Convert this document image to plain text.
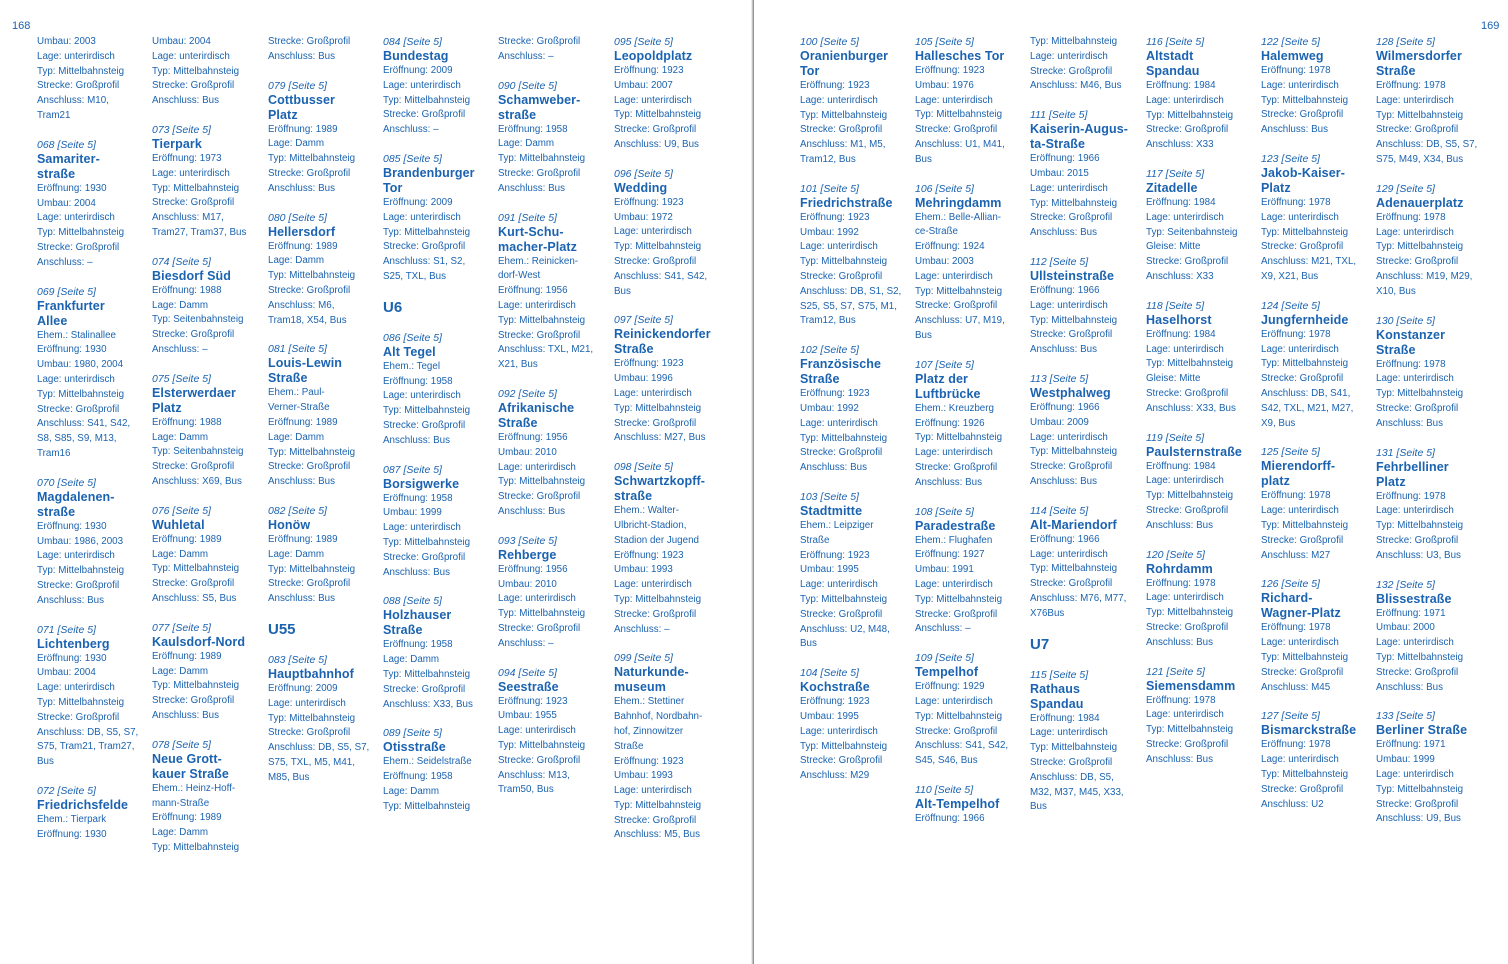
168
Umbau: 2003
Lage: unterirdisch
Typ: Mittelbahnsteig
Strecke: Großprofil
Anschluss: M10,
Tram21
068 [Seite 5]
Samariter-
straße
Eröffnung: 1930
Umbau: 2004
Lage: unterirdisch
Typ: Mittelbahnsteig
Strecke: Großprofil
Anschluss: –
069 [Seite 5]
Frankfurter
Allee
Ehem.: Stalinallee
Eröffnung: 1930
Umbau: 1980, 2004
Lage: unterirdisch
Typ: Mittelbahnsteig
Strecke: Großprofil
Anschluss: S41, S42,
S8, S85, S9, M13,
Tram16
070 [Seite 5]
Magdalenen-
straße
Eröffnung: 1930
Umbau: 1986, 2003
Lage: unterirdisch
Typ: Mittelbahnsteig
Strecke: Großprofil
Anschluss: Bus
071 [Seite 5]
Lichtenberg
Eröffnung: 1930
Umbau: 2004
Lage: unterirdisch
Typ: Mittelbahnsteig
Strecke: Großprofil
Anschluss: DB, S5, S7,
S75, Tram21, Tram27,
Bus
072 [Seite 5]
Friedrichsfelde
Ehem.: Tierpark
Eröffnung: 1930
Umbau: 2004
Lage: unterirdisch
Typ: Mittelbahnsteig
Strecke: Großprofil
Anschluss: Bus
073 [Seite 5]
Tierpark
Eröffnung: 1973
Lage: unterirdisch
Typ: Mittelbahnsteig
Strecke: Großprofil
Anschluss: M17,
Tram27, Tram37, Bus
074 [Seite 5]
Biesdorf Süd
Eröffnung: 1988
Lage: Damm
Typ: Seitenbahnsteig
Strecke: Großprofil
Anschluss: –
075 [Seite 5]
Elsterwerdaer
Platz
Eröffnung: 1988
Lage: Damm
Typ: Seitenbahnsteig
Strecke: Großprofil
Anschluss: X69, Bus
076 [Seite 5]
Wuhletal
Eröffnung: 1989
Lage: Damm
Typ: Mittelbahnsteig
Strecke: Großprofil
Anschluss: S5, Bus
077 [Seite 5]
Kaulsdorf-Nord
Eröffnung: 1989
Lage: Damm
Typ: Mittelbahnsteig
Strecke: Großprofil
Anschluss: Bus
078 [Seite 5]
Neue Grott-
kauer Straße
Ehem.: Heinz-Hoff-
mann-Straße
Eröffnung: 1989
Lage: Damm
Typ: Mittelbahnsteig
Strecke: Großprofil
Anschluss: Bus
079 [Seite 5]
Cottbusser
Platz
Eröffnung: 1989
Lage: Damm
Typ: Mittelbahnsteig
Strecke: Großprofil
Anschluss: Bus
080 [Seite 5]
Hellersdorf
Eröffnung: 1989
Lage: Damm
Typ: Mittelbahnsteig
Strecke: Großprofil
Anschluss: M6,
Tram18, X54, Bus
081 [Seite 5]
Louis-Lewin
Straße
Ehem.: Paul-
Verner-Straße
Eröffnung: 1989
Lage: Damm
Typ: Mittelbahnsteig
Strecke: Großprofil
Anschluss: Bus
082 [Seite 5]
Honöw
Eröffnung: 1989
Lage: Damm
Typ: Mittelbahnsteig
Strecke: Großprofil
Anschluss: Bus
U55
083 [Seite 5]
Hauptbahnhof
Eröffnung: 2009
Lage: unterirdisch
Typ: Mittelbahnsteig
Strecke: Großprofil
Anschluss: DB, S5, S7,
S75, TXL, M5, M41,
M85, Bus
084 [Seite 5]
Bundestag
Eröffnung: 2009
Lage: unterirdisch
Typ: Mittelbahnsteig
Strecke: Großprofil
Anschluss: –
085 [Seite 5]
Brandenburger
Tor
Eröffnung: 2009
Lage: unterirdisch
Typ: Mittelbahnsteig
Strecke: Großprofil
Anschluss: S1, S2,
S25, TXL, Bus
U6
086 [Seite 5]
Alt Tegel
Ehem.: Tegel
Eröffnung: 1958
Lage: unterirdisch
Typ: Mittelbahnsteig
Strecke: Großprofil
Anschluss: Bus
087 [Seite 5]
Borsigwerke
Eröffnung: 1958
Umbau: 1999
Lage: unterirdisch
Typ: Mittelbahnsteig
Strecke: Großprofil
Anschluss: Bus
088 [Seite 5]
Holzhauser
Straße
Eröffnung: 1958
Lage: Damm
Typ: Mittelbahnsteig
Strecke: Großprofil
Anschluss: X33, Bus
089 [Seite 5]
Otisstraße
Ehem.: Seidelstraße
Eröffnung: 1958
Lage: Damm
Typ: Mittelbahnsteig
Strecke: Großprofil
Anschluss: –
090 [Seite 5]
Schamweber-
straße
Eröffnung: 1958
Lage: Damm
Typ: Mittelbahnsteig
Strecke: Großprofil
Anschluss: Bus
091 [Seite 5]
Kurt-Schu-
macher-Platz
Ehem.: Reinicken-
dorf-West
Eröffnung: 1956
Lage: unterirdisch
Typ: Mittelbahnsteig
Strecke: Großprofil
Anschluss: TXL, M21,
X21, Bus
092 [Seite 5]
Afrikanische
Straße
Eröffnung: 1956
Umbau: 2010
Lage: unterirdisch
Typ: Mittelbahnsteig
Strecke: Großprofil
Anschluss: Bus
093 [Seite 5]
Rehberge
Eröffnung: 1956
Umbau: 2010
Lage: unterirdisch
Typ: Mittelbahnsteig
Strecke: Großprofil
Anschluss: –
094 [Seite 5]
Seestraße
Eröffnung: 1923
Umbau: 1955
Lage: unterirdisch
Typ: Mittelbahnsteig
Strecke: Großprofil
Anschluss: M13,
Tram50, Bus
095 [Seite 5]
Leopoldplatz
Eröffnung: 1923
Umbau: 2007
Lage: unterirdisch
Typ: Mittelbahnsteig
Strecke: Großprofil
Anschluss: U9, Bus
096 [Seite 5]
Wedding
Eröffnung: 1923
Umbau: 1972
Lage: unterirdisch
Typ: Mittelbahnsteig
Strecke: Großprofil
Anschluss: S41, S42,
Bus
097 [Seite 5]
Reinickendorfer
Straße
Eröffnung: 1923
Umbau: 1996
Lage: unterirdisch
Typ: Mittelbahnsteig
Strecke: Großprofil
Anschluss: M27, Bus
098 [Seite 5]
Schwartzkopff-
straße
Ehem.: Walter-
Ulbricht-Stadion,
Stadion der Jugend
Eröffnung: 1923
Umbau: 1993
Lage: unterirdisch
Typ: Mittelbahnsteig
Strecke: Großprofil
Anschluss: –
099 [Seite 5]
Naturkunde-
museum
Ehem.: Stettiner
Bahnhof, Nordbahn-
hof, Zinnowitzer
Straße
Eröffnung: 1923
Umbau: 1993
Lage: unterirdisch
Typ: Mittelbahnsteig
Strecke: Großprofil
Anschluss: M5, Bus
169
100 [Seite 5]
Oranienburger
Tor
Eröffnung: 1923
Lage: unterirdisch
Typ: Mittelbahnsteig
Strecke: Großprofil
Anschluss: M1, M5,
Tram12, Bus
101 [Seite 5]
Friedrichstraße
Eröffnung: 1923
Umbau: 1992
Lage: unterirdisch
Typ: Mittelbahnsteig
Strecke: Großprofil
Anschluss: DB, S1, S2,
S25, S5, S7, S75, M1,
Tram12, Bus
102 [Seite 5]
Französische
Straße
Eröffnung: 1923
Umbau: 1992
Lage: unterirdisch
Typ: Mittelbahnsteig
Strecke: Großprofil
Anschluss: Bus
103 [Seite 5]
Stadtmitte
Ehem.: Leipziger
Straße
Eröffnung: 1923
Umbau: 1995
Lage: unterirdisch
Typ: Mittelbahnsteig
Strecke: Großprofil
Anschluss: U2, M48,
Bus
104 [Seite 5]
Kochstraße
Eröffnung: 1923
Umbau: 1995
Lage: unterirdisch
Typ: Mittelbahnsteig
Strecke: Großprofil
Anschluss: M29
105 [Seite 5]
Hallesches Tor
Eröffnung: 1923
Umbau: 1976
Lage: unterirdisch
Typ: Mittelbahnsteig
Strecke: Großprofil
Anschluss: U1, M41,
Bus
106 [Seite 5]
Mehringdamm
Ehem.: Belle-Allian-
ce-Straße
Eröffnung: 1924
Umbau: 2003
Lage: unterirdisch
Typ: Mittelbahnsteig
Strecke: Großprofil
Anschluss: U7, M19,
Bus
107 [Seite 5]
Platz der
Luftbrücke
Ehem.: Kreuzberg
Eröffnung: 1926
Typ: Mittelbahnsteig
Lage: unterirdisch
Strecke: Großprofil
Anschluss: Bus
108 [Seite 5]
Paradestraße
Ehem.: Flughafen
Eröffnung: 1927
Umbau: 1991
Lage: unterirdisch
Typ: Mittelbahnsteig
Strecke: Großprofil
Anschluss: –
109 [Seite 5]
Tempelhof
Eröffnung: 1929
Lage: unterirdisch
Typ: Mittelbahnsteig
Strecke: Großprofil
Anschluss: S41, S42,
S45, S46, Bus
110 [Seite 5]
Alt-Tempelhof
Eröffnung: 1966
Typ: Mittelbahnsteig
Lage: unterirdisch
Strecke: Großprofil
Anschluss: M46, Bus
111 [Seite 5]
Kaiserin-Augus-
ta-Straße
Eröffnung: 1966
Umbau: 2015
Lage: unterirdisch
Typ: Mittelbahnsteig
Strecke: Großprofil
Anschluss: Bus
112 [Seite 5]
Ullsteinstraße
Eröffnung: 1966
Lage: unterirdisch
Typ: Mittelbahnsteig
Strecke: Großprofil
Anschluss: Bus
113 [Seite 5]
Westphalweg
Eröffnung: 1966
Umbau: 2009
Lage: unterirdisch
Typ: Mittelbahnsteig
Strecke: Großprofil
Anschluss: Bus
114 [Seite 5]
Alt-Mariendorf
Eröffnung: 1966
Lage: unterirdisch
Typ: Mittelbahnsteig
Strecke: Großprofil
Anschluss: M76, M77,
X76Bus
U7
115 [Seite 5]
Rathaus
Spandau
Eröffnung: 1984
Lage: unterirdisch
Typ: Mittelbahnsteig
Strecke: Großprofil
Anschluss: DB, S5,
M32, M37, M45, X33,
Bus
116 [Seite 5]
Altstadt
Spandau
Eröffnung: 1984
Lage: unterirdisch
Typ: Mittelbahnsteig
Strecke: Großprofil
Anschluss: X33
117 [Seite 5]
Zitadelle
Eröffnung: 1984
Lage: unterirdisch
Typ: Seitenbahnsteig
Gleise: Mitte
Strecke: Großprofil
Anschluss: X33
118 [Seite 5]
Haselhorst
Eröffnung: 1984
Lage: unterirdisch
Typ: Mittelbahnsteig
Gleise: Mitte
Strecke: Großprofil
Anschluss: X33, Bus
119 [Seite 5]
Paulsternstraße
Eröffnung: 1984
Lage: unterirdisch
Typ: Mittelbahnsteig
Strecke: Großprofil
Anschluss: Bus
120 [Seite 5]
Rohrdamm
Eröffnung: 1978
Lage: unterirdisch
Typ: Mittelbahnsteig
Strecke: Großprofil
Anschluss: Bus
121 [Seite 5]
Siemensdamm
Eröffnung: 1978
Lage: unterirdisch
Typ: Mittelbahnsteig
Strecke: Großprofil
Anschluss: Bus
122 [Seite 5]
Halemweg
Eröffnung: 1978
Lage: unterirdisch
Typ: Mittelbahnsteig
Strecke: Großprofil
Anschluss: Bus
123 [Seite 5]
Jakob-Kaiser-
Platz
Eröffnung: 1978
Lage: unterirdisch
Typ: Mittelbahnsteig
Strecke: Großprofil
Anschluss: M21, TXL,
X9, X21, Bus
124 [Seite 5]
Jungfernheide
Eröffnung: 1978
Lage: unterirdisch
Typ: Mittelbahnsteig
Strecke: Großprofil
Anschluss: DB, S41,
S42, TXL, M21, M27,
X9, Bus
125 [Seite 5]
Mierendorff-
platz
Eröffnung: 1978
Lage: unterirdisch
Typ: Mittelbahnsteig
Strecke: Großprofil
Anschluss: M27
126 [Seite 5]
Richard-
Wagner-Platz
Eröffnung: 1978
Lage: unterirdisch
Typ: Mittelbahnsteig
Strecke: Großprofil
Anschluss: M45
127 [Seite 5]
Bismarckstraße
Eröffnung: 1978
Lage: unterirdisch
Typ: Mittelbahnsteig
Strecke: Großprofil
Anschluss: U2
128 [Seite 5]
Wilmersdorfer
Straße
Eröffnung: 1978
Lage: unterirdisch
Typ: Mittelbahnsteig
Strecke: Großprofil
Anschluss: DB, S5, S7,
S75, M49, X34, Bus
129 [Seite 5]
Adenauerplatz
Eröffnung: 1978
Lage: unterirdisch
Typ: Mittelbahnsteig
Strecke: Großprofil
Anschluss: M19, M29,
X10, Bus
130 [Seite 5]
Konstanzer
Straße
Eröffnung: 1978
Lage: unterirdisch
Typ: Mittelbahnsteig
Strecke: Großprofil
Anschluss: Bus
131 [Seite 5]
Fehrbelliner
Platz
Eröffnung: 1978
Lage: unterirdisch
Typ: Mittelbahnsteig
Strecke: Großprofil
Anschluss: U3, Bus
132 [Seite 5]
Blissestraße
Eröffnung: 1971
Umbau: 2000
Lage: unterirdisch
Typ: Mittelbahnsteig
Strecke: Großprofil
Anschluss: Bus
133 [Seite 5]
Berliner Straße
Eröffnung: 1971
Umbau: 1999
Lage: unterirdisch
Typ: Mittelbahnsteig
Strecke: Großprofil
Anschluss: U9, Bus
